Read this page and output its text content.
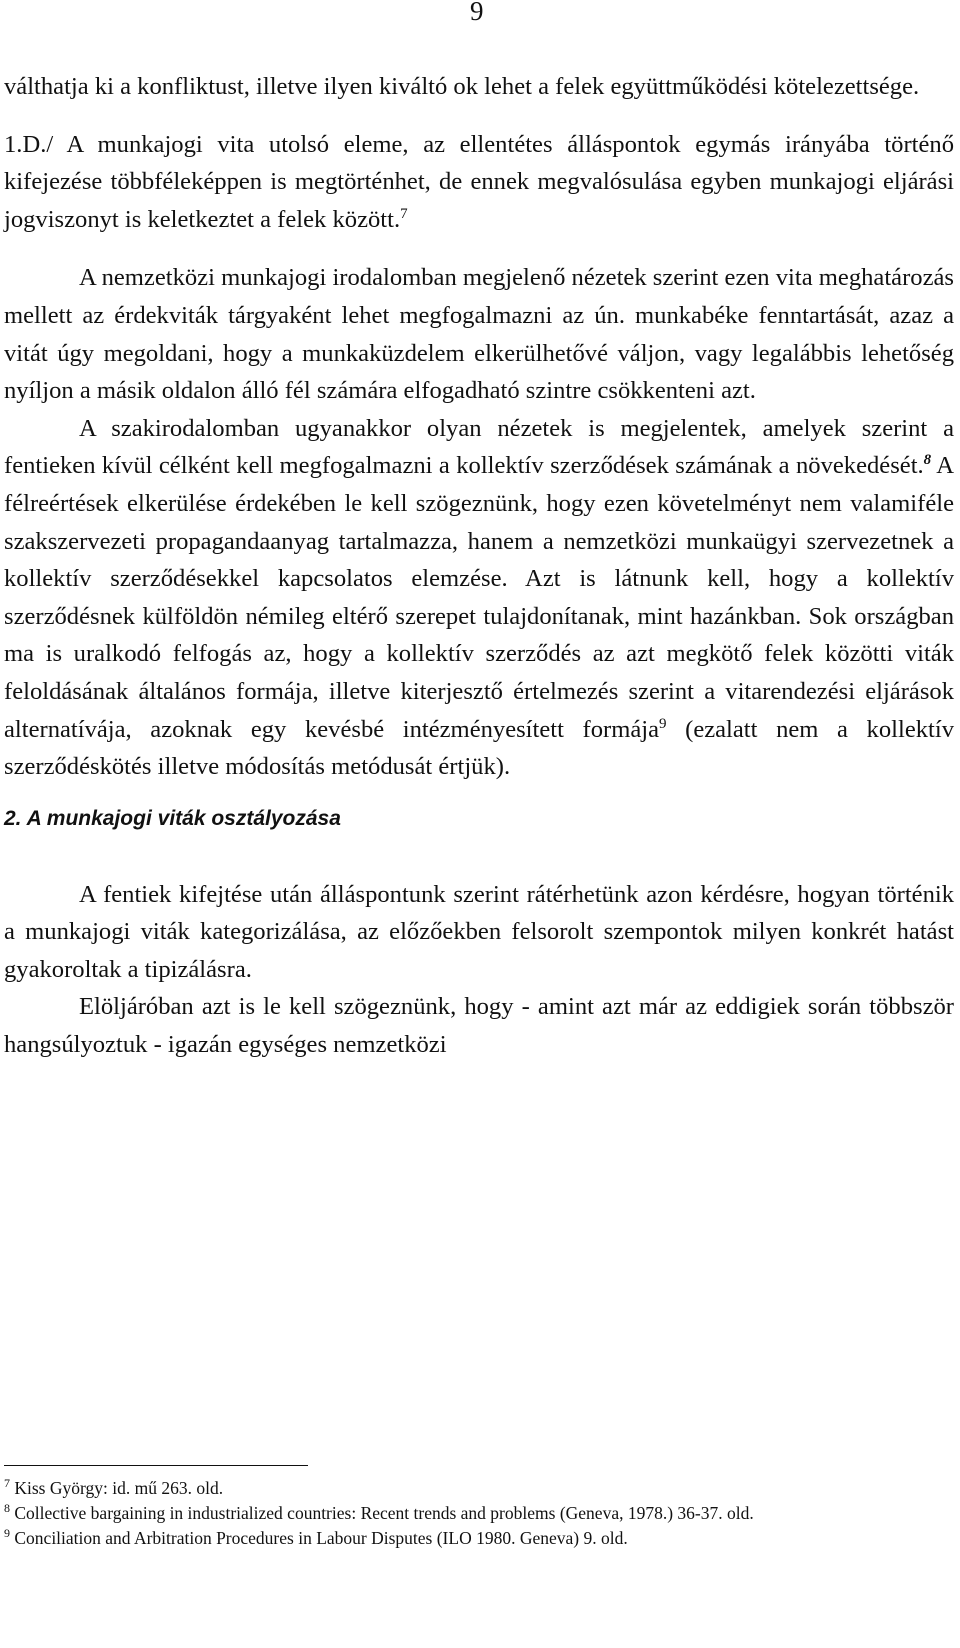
9

válthatja ki a konfliktust, illetve ilyen kiváltó ok lehet a felek együttműködési kötelezettsége.

1.D./ A munkajogi vita utolsó eleme, az ellentétes álláspontok egymás irányába történő kifejezése többféleképpen is megtörténhet, de ennek megvalósulása egyben munkajogi eljárási jogviszonyt is keletkeztet a felek között.$^7$

A nemzetközi munkajogi irodalomban megjelenő nézetek szerint ezen vita meghatározás mellett az érdekviták tárgyaként lehet megfogalmazni az ún. munkabéke fenntartását, azaz a vitát úgy megoldani, hogy a munkaküzdelem elkerülhetővé váljon, vagy legalábbis lehetőség nyíljon a másik oldalon álló fél számára elfogadható szintre csökkenteni azt.

A szakirodalomban ugyanakkor olyan nézetek is megjelentek, amelyek szerint a fentieken kívül célként kell megfogalmazni a kollektív szerződések számának a növekedését.$^8$ A félreértések elkerülése érdekében le kell szögeznünk, hogy ezen követelményt nem valamiféle szakszervezeti propagandaanyag tartalmazza, hanem a nemzetközi munkaügyi szervezetnek a kollektív szerződésekkel kapcsolatos elemzése. Azt is látnunk kell, hogy a kollektív szerződésnek külföldön némileg eltérő szerepet tulajdonítanak, mint hazánkban. Sok országban ma is uralkodó felfogás az, hogy a kollektív szerződés az azt megkötő felek közötti viták feloldásának általános formája, illetve kiterjesztő értelmezés szerint a vitarendezési eljárások alternatívája, azoknak egy kevésbé intézményesített formája$^9$ (ezalatt nem a kollektív szerződéskötés illetve módosítás metódusát értjük).

2. A munkajogi viták osztályozása

A fentiek kifejtése után álláspontunk szerint rátérhetünk azon kérdésre, hogyan történik a munkajogi viták kategorizálása, az előzőekben felsorolt szempontok milyen konkrét hatást gyakoroltak a tipizálásra.

Elöljáróban azt is le kell szögeznünk, hogy - amint azt már az eddigiek során többször hangsúlyoztuk - igazán egységes nemzetközi

$^7$ Kiss György: id. mű 263. old.

$^8$ Collective bargaining in industrialized countries: Recent trends and problems (Geneva, 1978.) 36-37. old.

$^9$ Conciliation and Arbitration Procedures in Labour Disputes (ILO 1980. Geneva) 9. old.
